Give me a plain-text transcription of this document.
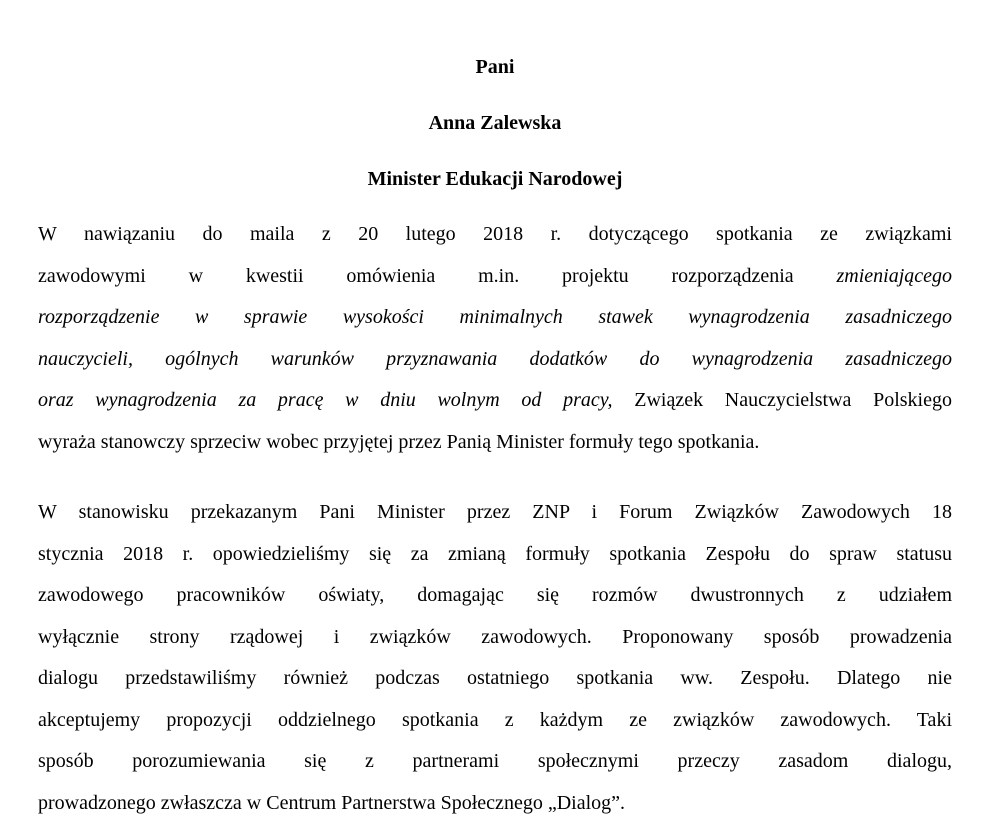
Pani

Anna Zalewska

Minister Edukacji Narodowej

W nawiązaniu do maila z 20 lutego 2018 r. dotyczącego spotkania ze związkami
zawodowymi w kwestii omówienia m.in. projektu rozporządzenia zmieniającego
rozporządzenie w sprawie wysokości minimalnych stawek wynagrodzenia zasadniczego
nauczycieli, ogólnych warunków przyznawania dodatków do wynagrodzenia zasadniczego
oraz wynagrodzenia za pracę w dniu wolnym od pracy, Związek Nauczycielstwa Polskiego
wyraża stanowczy sprzeciw wobec przyjętej przez Panią Minister formuły tego spotkania.
W stanowisku przekazanym Pani Minister przez ZNP i Forum Związków Zawodowych 18
stycznia 2018 r. opowiedzieliśmy się za zmianą formuły spotkania Zespołu do spraw statusu
zawodowego pracowników oświaty, domagając się rozmów dwustronnych z udziałem
wyłącznie strony rządowej i związków zawodowych. Proponowany sposób prowadzenia
dialogu przedstawiliśmy również podczas ostatniego spotkania ww. Zespołu. Dlatego nie
akceptujemy propozycji oddzielnego spotkania z każdym ze związków zawodowych. Taki
sposób porozumiewania się z partnerami społecznymi przeczy zasadom dialogu,
prowadzonego zwłaszcza w Centrum Partnerstwa Społecznego „Dialog”.
